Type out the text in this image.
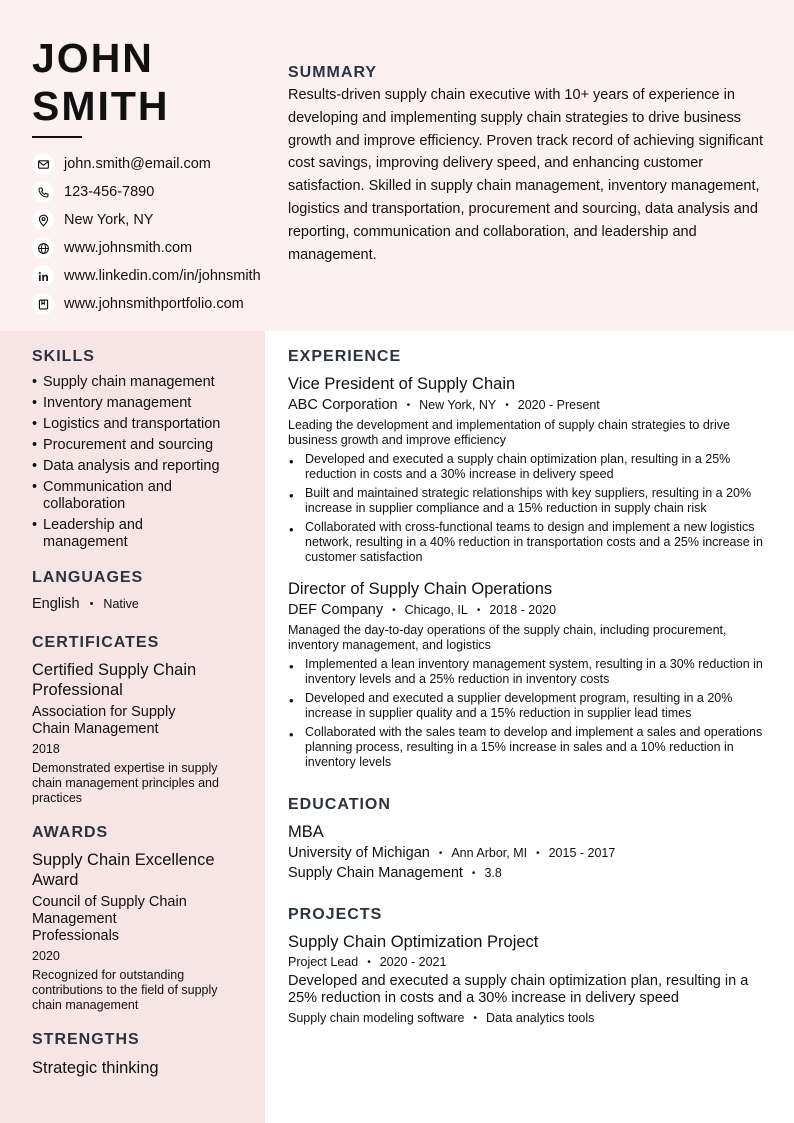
JOHN
SMITH
john.smith@email.com
123-456-7890
New York, NY
www.johnsmith.com
www.linkedin.com/in/johnsmith
www.johnsmithportfolio.com
SUMMARY

Results-driven supply chain executive with 10+ years of experience in developing and implementing supply chain strategies to drive business growth and improve efficiency. Proven track record of achieving significant cost savings, improving delivery speed, and enhancing customer satisfaction. Skilled in supply chain management, inventory management, logistics and transportation, procurement and sourcing, data analysis and reporting, communication and collaboration, and leadership and management.

SKILLS
• Supply chain management
• Inventory management
• Logistics and transportation
• Procurement and sourcing
• Data analysis and reporting
• Communication and collaboration
• Leadership and management
LANGUAGES
English • Native
CERTIFICATES
Certified Supply Chain Professional
Association for Supply Chain Management
2018
Demonstrated expertise in supply chain management principles and practices
AWARDS
Supply Chain Excellence Award
Council of Supply Chain Management Professionals
2020
Recognized for outstanding contributions to the field of supply chain management
STRENGTHS
Strategic thinking
EXPERIENCE
Vice President of Supply Chain
ABC Corporation • New York, NY • 2020 - Present
Leading the development and implementation of supply chain strategies to drive business growth and improve efficiency
• Developed and executed a supply chain optimization plan, resulting in a 25% reduction in costs and a 30% increase in delivery speed
• Built and maintained strategic relationships with key suppliers, resulting in a 20% increase in supplier compliance and a 15% reduction in supply chain risk
• Collaborated with cross-functional teams to design and implement a new logistics network, resulting in a 40% reduction in transportation costs and a 25% increase in customer satisfaction
Director of Supply Chain Operations
DEF Company • Chicago, IL • 2018 - 2020
Managed the day-to-day operations of the supply chain, including procurement, inventory management, and logistics
• Implemented a lean inventory management system, resulting in a 30% reduction in inventory levels and a 25% reduction in inventory costs
• Developed and executed a supplier development program, resulting in a 20% increase in supplier quality and a 15% reduction in supplier lead times
• Collaborated with the sales team to develop and implement a sales and operations planning process, resulting in a 15% increase in sales and a 10% reduction in inventory levels
EDUCATION
MBA
University of Michigan • Ann Arbor, MI • 2015 - 2017
Supply Chain Management • 3.8
PROJECTS
Supply Chain Optimization Project
Project Lead • 2020 - 2021
Developed and executed a supply chain optimization plan, resulting in a 25% reduction in costs and a 30% increase in delivery speed
Supply chain modeling software • Data analytics tools
